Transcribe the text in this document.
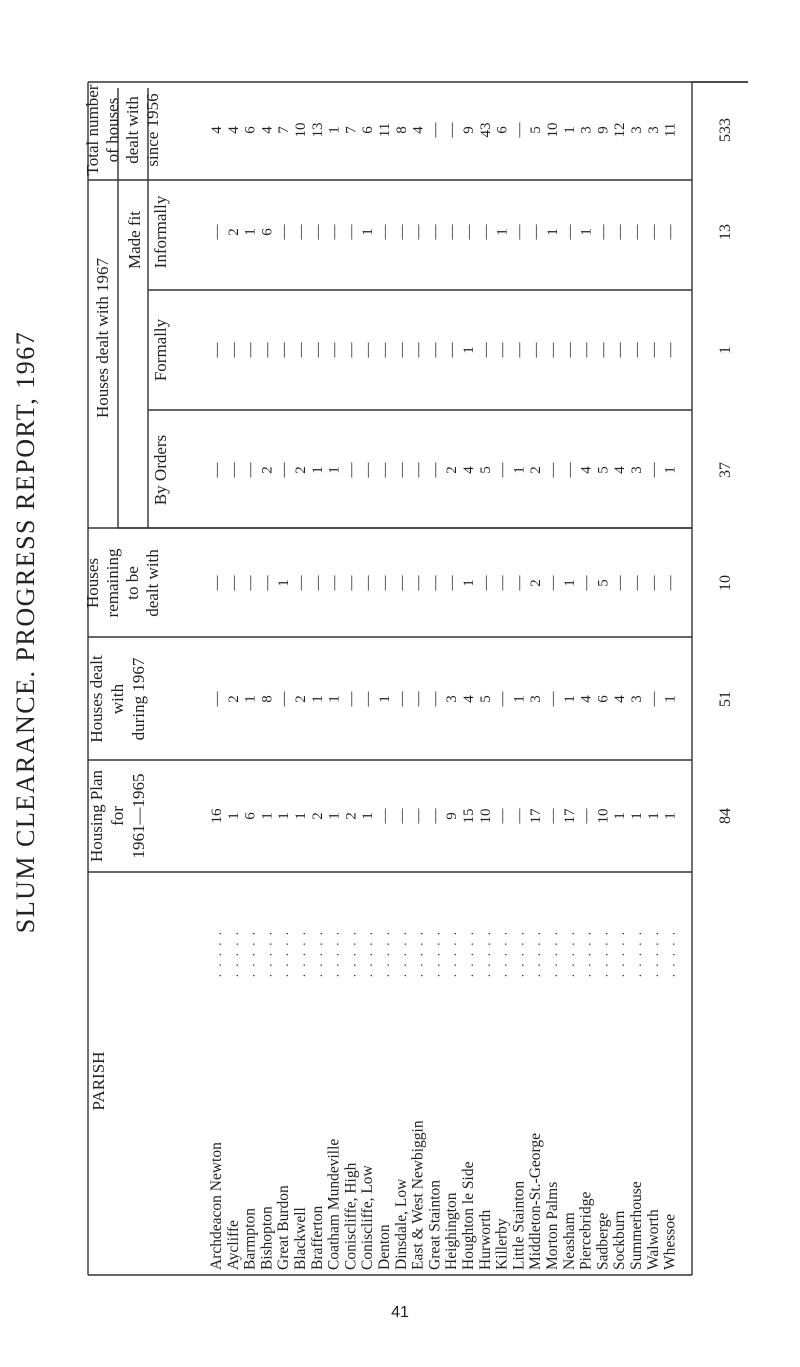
SLUM CLEARANCE. PROGRESS REPORT, 1967
PARISH
Housing Plan for 1961—1965
Houses dealt with during 1967
Houses remaining to be dealt with
Houses dealt with 1967
Made fit
By Orders
Formally
Informally
Total number of houses dealt with since 1956
Archdeacon Newton
. . . . .
16
—
—
—
—
—
4
Aycliffe
. . . . .
1
2
—
—
—
2
4
Barmpton
. . . . .
6
1
—
—
—
1
6
Bishopton
. . . . .
1
8
—
2
—
6
4
Great Burdon
. . . . .
1
—
1
—
—
—
7
Blackwell
. . . . .
1
2
—
2
—
—
10
Brafferton
. . . . .
2
1
—
1
—
—
13
Coatham Mundeville
. . . . .
1
1
—
1
—
—
1
Coniscliffe, High
. . . . .
2
—
—
—
—
—
7
Coniscliffe, Low
. . . . .
1
—
—
—
—
1
6
Denton
. . . . .
—
1
—
—
—
—
11
Dinsdale, Low
. . . . .
—
—
—
—
—
—
8
East & West Newbiggin
. . . . .
—
—
—
—
—
—
4
Great Stainton
. . . . .
—
—
—
—
—
—
—
Heighington
. . . . .
9
3
—
2
—
—
—
Houghton le Side
. . . . .
15
4
1
4
1
—
9
Hurworth
. . . . .
10
5
—
5
—
—
43
Killerby
. . . . .
—
—
—
—
—
1
6
Little Stainton
. . . . .
—
1
—
1
—
—
—
Middleton-St.-George
. . . . .
17
3
2
2
—
—
5
Morton Palms
. . . . .
—
—
—
—
—
1
10
Neasham
. . . . .
17
1
1
—
—
—
1
Piercebridge
. . . . .
—
4
—
4
—
1
3
Sadberge
. . . . .
10
6
5
5
—
—
9
Sockburn
. . . . .
1
4
—
4
—
—
12
Summerhouse
. . . . .
1
3
—
3
—
—
3
Walworth
. . . . .
1
—
—
—
—
—
3
Whessoe
. . . . .
1
1
—
1
—
—
11
84
51
10
37
1
13
533
41
